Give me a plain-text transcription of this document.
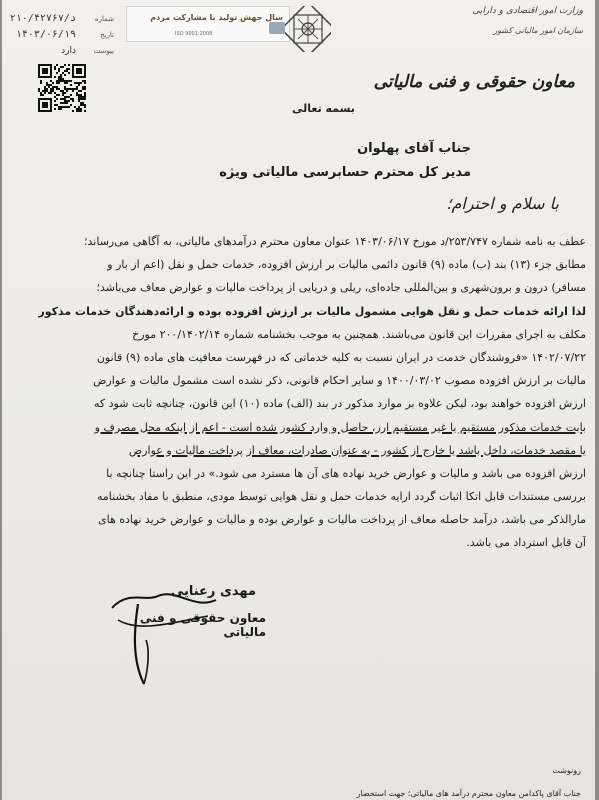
۲۱۰/۴۲۷۶۷/د	شماره
۱۴۰۳/۰۶/۱۹	تاریخ
دارد	پیوست
سال جهش تولید با مشارکت مردم
ISO 9001:2008
وزارت امور اقتصادی و دارایی
سازمان امور مالیاتی کشور
معاون حقوقی و فنی مالیاتی
بسمه تعالی
جناب آقای پهلوان
مدیر کل محترم حسابرسی مالیاتی ویژه
با سلام و احترام؛
عطف به نامه شماره ۲۵۳/۷۴۷/د مورخ ۱۴۰۳/۰۶/۱۷ عنوان معاون محترم درآمدهای مالیاتی، به آگاهی می‌رساند؛
مطابق جزء (۱۳) بند (ب) ماده (۹) قانون دائمی مالیات بر ارزش افزوده، خدمات حمل و نقل (اعم از بار و
مسافر) درون و برون‌شهری و بین‌المللی جاده‌ای، ریلی و دریایی از پرداخت مالیات و عوارض معاف می‌باشد؛
لذا ارائه خدمات حمل و نقل هوایی مشمول مالیات بر ارزش افزوده بوده و ارائه‌دهندگان خدمات مذکور
مکلف به اجرای مقررات این قانون می‌باشند. همچنین به موجب بخشنامه شماره ۲۰۰/۱۴۰۲/۱۴ مورخ
۱۴۰۲/۰۷/۲۲ «فروشندگان خدمت در ایران نسبت به کلیه خدماتی که در فهرست معافیت های ماده (۹) قانون
مالیات بر ارزش افزوده مصوب ۱۴۰۰/۰۳/۰۲ و سایر احکام قانونی، ذکر نشده است مشمول مالیات و عوارض
ارزش افزوده خواهند بود، لیکن علاوه بر موارد مذکور در بند (الف) ماده (۱۰) این قانون، چنانچه ثابت شود که
بابت خدمات مذکور مستقیم یا غیر مستقیم ارز، حاصل و وارد کشور شده است - اعم از اینکه محل مصرف و
یا مقصد خدمات، داخل باشد یا خارج از کشور - به عنوان صادرات، معاف از پرداخت مالیات و عوارض
ارزش افزوده می باشد و مالیات و عوارض خرید نهاده های آن ها مسترد می شود.» در این راستا چنانچه با
بررسی مستندات قابل اتکا اثبات گردد ارایه خدمات حمل و نقل هوایی توسط مودی، منطبق با مفاد بخشنامه
مارالذکر می باشد، درآمد حاصله معاف از پرداخت مالیات و عوارض بوده و مالیات و عوارض خرید نهاده های
آن قابل استرداد می باشد.
مهدی رعنایی
معاون حقوقی و فنی مالیاتی
رونوشت
جناب آقای پاکدامن معاون محترم درآمد های مالیاتی؛ جهت استحضار
